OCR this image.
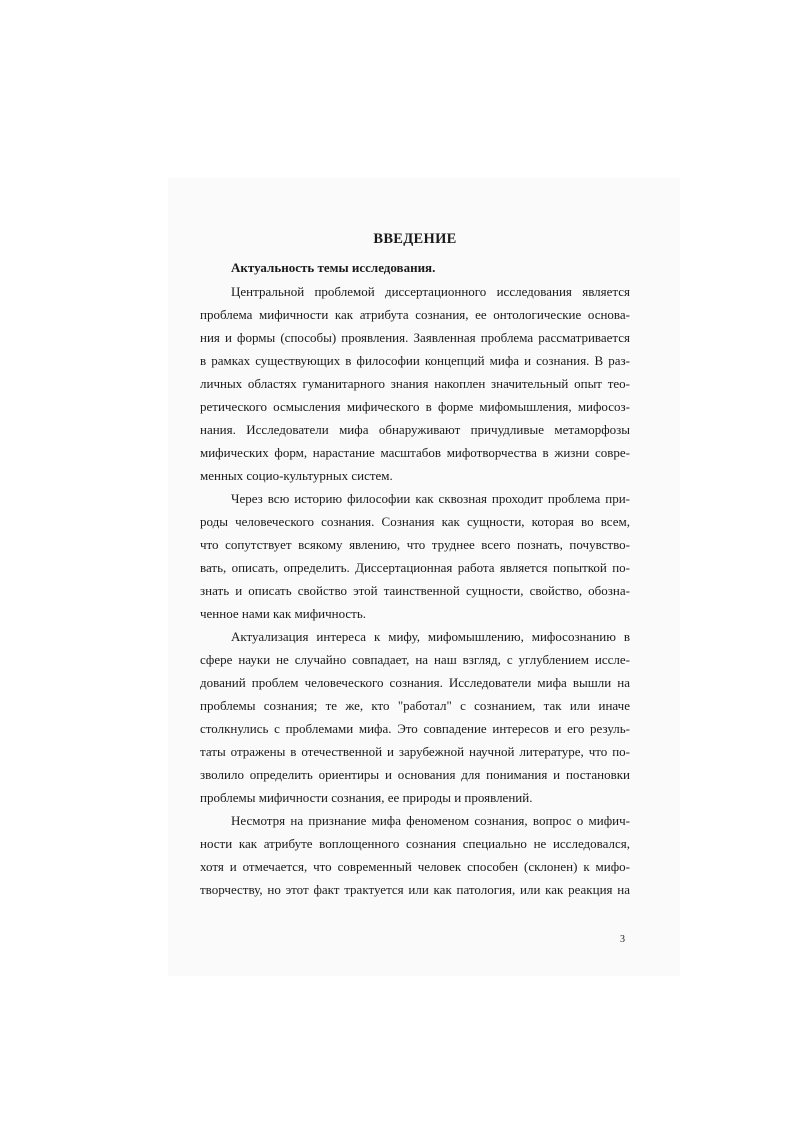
ВВЕДЕНИЕ
Актуальность темы исследования.
Центральной проблемой диссертационного исследования является
проблема мифичности как атрибута сознания, ее онтологические основа-
ния и формы (способы) проявления. Заявленная проблема рассматривается
в рамках существующих в философии концепций мифа и сознания. В раз-
личных областях гуманитарного знания накоплен значительный опыт тео-
ретического осмысления мифического в форме мифомышления, мифосоз-
нания. Исследователи мифа обнаруживают причудливые метаморфозы
мифических форм, нарастание масштабов мифотворчества в жизни совре-
менных социо-культурных систем.
Через всю историю философии как сквозная проходит проблема при-
роды человеческого сознания. Сознания как сущности, которая во всем,
что сопутствует всякому явлению, что труднее всего познать, почувство-
вать, описать, определить. Диссертационная работа является попыткой по-
знать и описать свойство этой таинственной сущности, свойство, обозна-
ченное нами как мифичность.
Актуализация интереса к мифу, мифомышлению, мифосознанию в
сфере науки не случайно совпадает, на наш взгляд, с углублением иссле-
дований проблем человеческого сознания. Исследователи мифа вышли на
проблемы сознания; те же, кто "работал" с сознанием, так или иначе
столкнулись с проблемами мифа. Это совпадение интересов и его резуль-
таты отражены в отечественной и зарубежной научной литературе, что по-
зволило определить ориентиры и основания для понимания и постановки
проблемы мифичности сознания, ее природы и проявлений.
Несмотря на признание мифа феноменом сознания, вопрос о мифич-
ности как атрибуте воплощенного сознания специально не исследовался,
хотя и отмечается, что современный человек способен (склонен) к мифо-
творчеству, но этот факт трактуется или как патология, или как реакция на
3
